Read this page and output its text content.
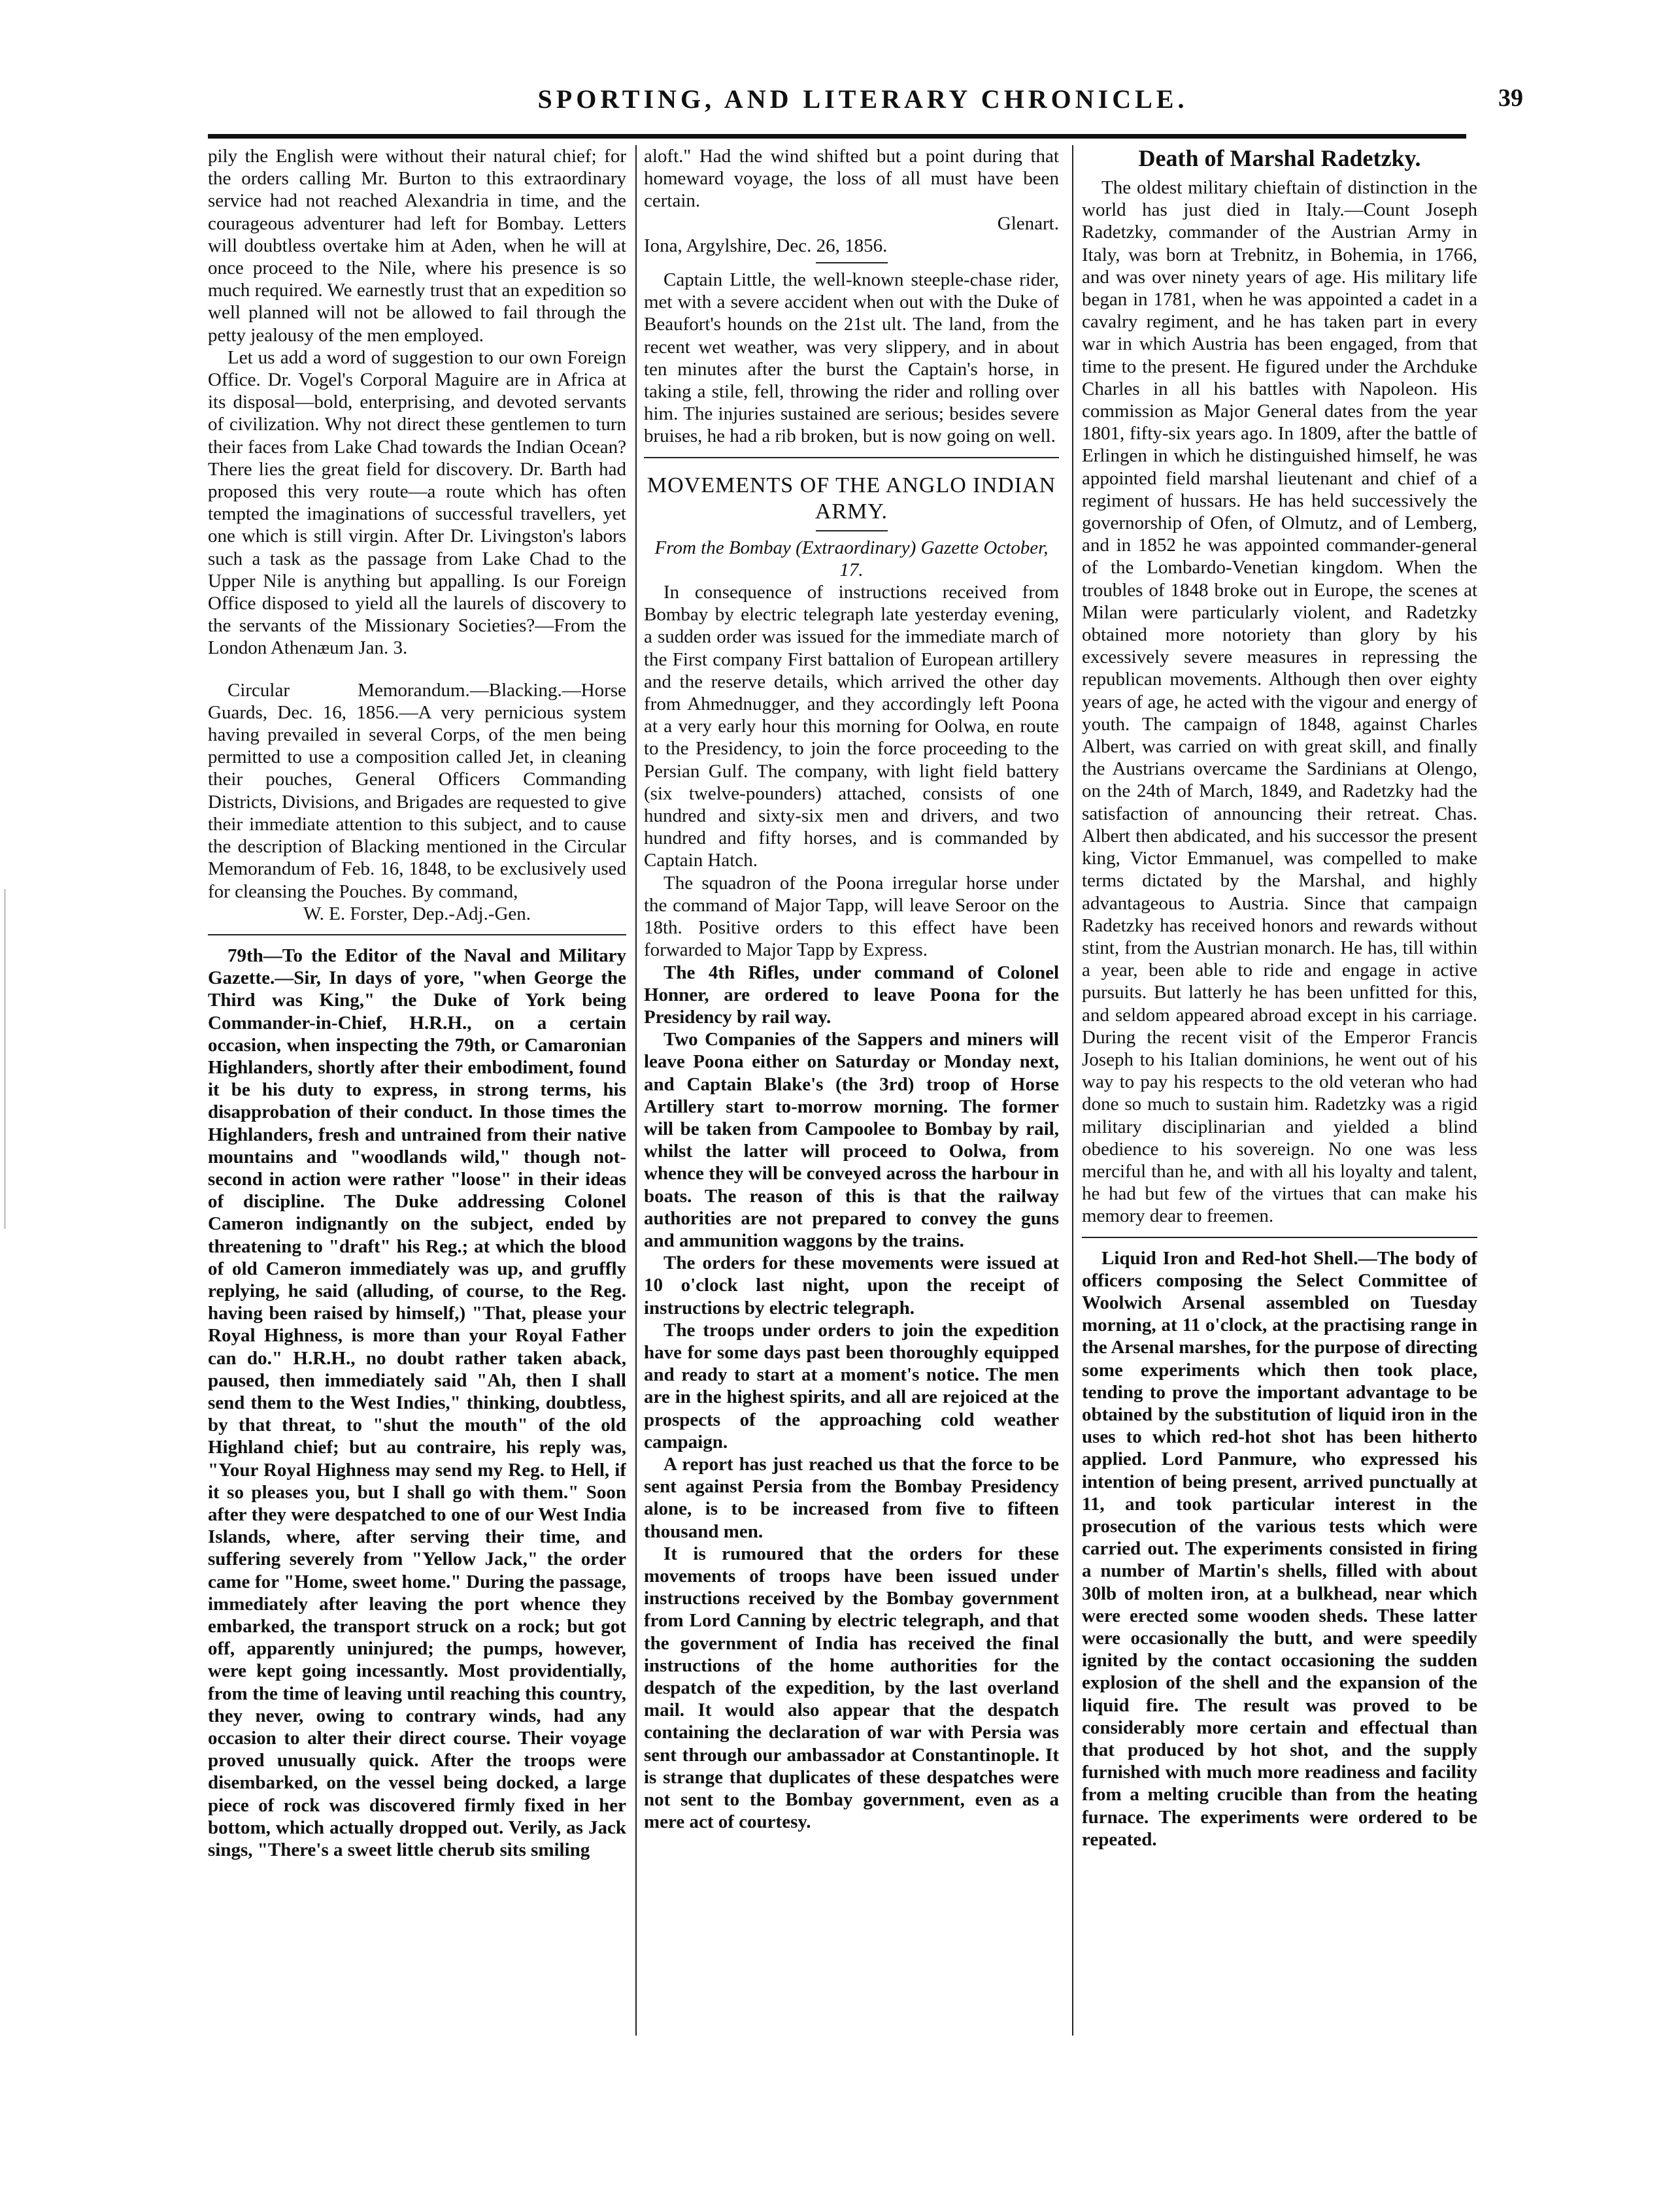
SPORTING, AND LITERARY CHRONICLE.	39

pily the English were without their natural chief; for the orders calling Mr. Burton to this extraordinary service had not reached Alexandria in time, and the courageous adventurer had left for Bombay. Letters will doubtless overtake him at Aden, when he will at once proceed to the Nile, where his presence is so much required. We earnestly trust that an expedition so well planned will not be allowed to fail through the petty jealousy of the men employed.

Let us add a word of suggestion to our own Foreign Office. Dr. Vogel's Corporal Maguire are in Africa at its disposal—bold, enterprising, and devoted servants of civilization. Why not direct these gentlemen to turn their faces from Lake Chad towards the Indian Ocean? There lies the great field for discovery. Dr. Barth had proposed this very route—a route which has often tempted the imaginations of successful travellers, yet one which is still virgin. After Dr. Livingston's labors such a task as the passage from Lake Chad to the Upper Nile is anything but appalling. Is our Foreign Office disposed to yield all the laurels of discovery to the servants of the Missionary Societies?—From the London Athenæum Jan. 3.

Circular Memorandum.—Blacking.—Horse Guards, Dec. 16, 1856.—A very pernicious system having prevailed in several Corps, of the men being permitted to use a composition called Jet, in cleaning their pouches, General Officers Commanding Districts, Divisions, and Brigades are requested to give their immediate attention to this subject, and to cause the description of Blacking mentioned in the Circular Memorandum of Feb. 16, 1848, to be exclusively used for cleansing the Pouches. By command,

W. E. Forster, Dep.-Adj.-Gen.

79th—To the Editor of the Naval and Military Gazette.—Sir, In days of yore, "when George the Third was King," the Duke of York being Commander-in-Chief, H.R.H., on a certain occasion, when inspecting the 79th, or Camaronian Highlanders, shortly after their embodiment, found it be his duty to express, in strong terms, his disapprobation of their conduct. In those times the Highlanders, fresh and untrained from their native mountains and "woodlands wild," though not-second in action were rather "loose" in their ideas of discipline. The Duke addressing Colonel Cameron indignantly on the subject, ended by threatening to "draft" his Reg.; at which the blood of old Cameron immediately was up, and gruffly replying, he said (alluding, of course, to the Reg. having been raised by himself,) "That, please your Royal Highness, is more than your Royal Father can do." H.R.H., no doubt rather taken aback, paused, then immediately said "Ah, then I shall send them to the West Indies," thinking, doubtless, by that threat, to "shut the mouth" of the old Highland chief; but au contraire, his reply was, "Your Royal Highness may send my Reg. to Hell, if it so pleases you, but I shall go with them." Soon after they were despatched to one of our West India Islands, where, after serving their time, and suffering severely from "Yellow Jack," the order came for "Home, sweet home." During the passage, immediately after leaving the port whence they embarked, the transport struck on a rock; but got off, apparently uninjured; the pumps, however, were kept going incessantly. Most providentially, from the time of leaving until reaching this country, they never, owing to contrary winds, had any occasion to alter their direct course. Their voyage proved unusually quick. After the troops were disembarked, on the vessel being docked, a large piece of rock was discovered firmly fixed in her bottom, which actually dropped out. Verily, as Jack sings, "There's a sweet little cherub sits smiling

aloft." Had the wind shifted but a point during that homeward voyage, the loss of all must have been certain.

Glenart.

Iona, Argylshire, Dec. 26, 1856.

Captain Little, the well-known steeple-chase rider, met with a severe accident when out with the Duke of Beaufort's hounds on the 21st ult. The land, from the recent wet weather, was very slippery, and in about ten minutes after the burst the Captain's horse, in taking a stile, fell, throwing the rider and rolling over him. The injuries sustained are serious; besides severe bruises, he had a rib broken, but is now going on well.

MOVEMENTS OF THE ANGLO INDIAN ARMY.

From the Bombay (Extraordinary) Gazette October, 17.

In consequence of instructions received from Bombay by electric telegraph late yesterday evening, a sudden order was issued for the immediate march of the First company First battalion of European artillery and the reserve details, which arrived the other day from Ahmednugger, and they accordingly left Poona at a very early hour this morning for Oolwa, en route to the Presidency, to join the force proceeding to the Persian Gulf. The company, with light field battery (six twelve-pounders) attached, consists of one hundred and sixty-six men and drivers, and two hundred and fifty horses, and is commanded by Captain Hatch.

The squadron of the Poona irregular horse under the command of Major Tapp, will leave Seroor on the 18th. Positive orders to this effect have been forwarded to Major Tapp by Express.

The 4th Rifles, under command of Colonel Honner, are ordered to leave Poona for the Presidency by rail way.

Two Companies of the Sappers and miners will leave Poona either on Saturday or Monday next, and Captain Blake's (the 3rd) troop of Horse Artillery start to-morrow morning. The former will be taken from Campoolee to Bombay by rail, whilst the latter will proceed to Oolwa, from whence they will be conveyed across the harbour in boats. The reason of this is that the railway authorities are not prepared to convey the guns and ammunition waggons by the trains.

The orders for these movements were issued at 10 o'clock last night, upon the receipt of instructions by electric telegraph.

The troops under orders to join the expedition have for some days past been thoroughly equipped and ready to start at a moment's notice. The men are in the highest spirits, and all are rejoiced at the prospects of the approaching cold weather campaign.

A report has just reached us that the force to be sent against Persia from the Bombay Presidency alone, is to be increased from five to fifteen thousand men.

It is rumoured that the orders for these movements of troops have been issued under instructions received by the Bombay government from Lord Canning by electric telegraph, and that the government of India has received the final instructions of the home authorities for the despatch of the expedition, by the last overland mail. It would also appear that the despatch containing the declaration of war with Persia was sent through our ambassador at Constantinople. It is strange that duplicates of these despatches were not sent to the Bombay government, even as a mere act of courtesy.

Death of Marshal Radetzky.

The oldest military chieftain of distinction in the world has just died in Italy.—Count Joseph Radetzky, commander of the Austrian Army in Italy, was born at Trebnitz, in Bohemia, in 1766, and was over ninety years of age. His military life began in 1781, when he was appointed a cadet in a cavalry regiment, and he has taken part in every war in which Austria has been engaged, from that time to the present. He figured under the Archduke Charles in all his battles with Napoleon. His commission as Major General dates from the year 1801, fifty-six years ago. In 1809, after the battle of Erlingen in which he distinguished himself, he was appointed field marshal lieutenant and chief of a regiment of hussars. He has held successively the governorship of Ofen, of Olmutz, and of Lemberg, and in 1852 he was appointed commander-general of the Lombardo-Venetian kingdom. When the troubles of 1848 broke out in Europe, the scenes at Milan were particularly violent, and Radetzky obtained more notoriety than glory by his excessively severe measures in repressing the republican movements. Although then over eighty years of age, he acted with the vigour and energy of youth. The campaign of 1848, against Charles Albert, was carried on with great skill, and finally the Austrians overcame the Sardinians at Olengo, on the 24th of March, 1849, and Radetzky had the satisfaction of announcing their retreat. Chas. Albert then abdicated, and his successor the present king, Victor Emmanuel, was compelled to make terms dictated by the Marshal, and highly advantageous to Austria. Since that campaign Radetzky has received honors and rewards without stint, from the Austrian monarch. He has, till within a year, been able to ride and engage in active pursuits. But latterly he has been unfitted for this, and seldom appeared abroad except in his carriage. During the recent visit of the Emperor Francis Joseph to his Italian dominions, he went out of his way to pay his respects to the old veteran who had done so much to sustain him. Radetzky was a rigid military disciplinarian and yielded a blind obedience to his sovereign. No one was less merciful than he, and with all his loyalty and talent, he had but few of the virtues that can make his memory dear to freemen.

Liquid Iron and Red-hot Shell.—The body of officers composing the Select Committee of Woolwich Arsenal assembled on Tuesday morning, at 11 o'clock, at the practising range in the Arsenal marshes, for the purpose of directing some experiments which then took place, tending to prove the important advantage to be obtained by the substitution of liquid iron in the uses to which red-hot shot has been hitherto applied. Lord Panmure, who expressed his intention of being present, arrived punctually at 11, and took particular interest in the prosecution of the various tests which were carried out. The experiments consisted in firing a number of Martin's shells, filled with about 30lb of molten iron, at a bulkhead, near which were erected some wooden sheds. These latter were occasionally the butt, and were speedily ignited by the contact occasioning the sudden explosion of the shell and the expansion of the liquid fire. The result was proved to be considerably more certain and effectual than that produced by hot shot, and the supply furnished with much more readiness and facility from a melting crucible than from the heating furnace. The experiments were ordered to be repeated.
